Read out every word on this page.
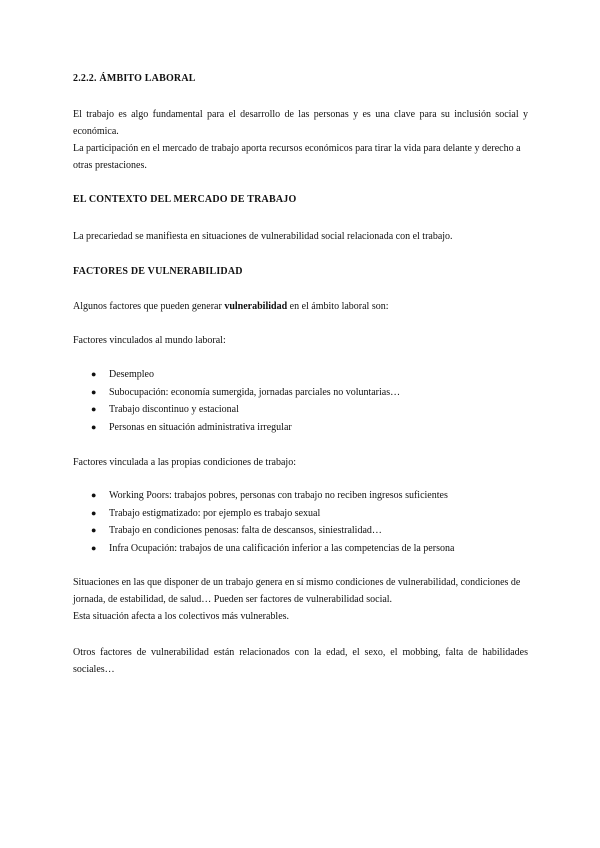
2.2.2. ÁMBITO LABORAL

El trabajo es algo fundamental para el desarrollo de las personas y es una clave para su inclusión social y económica.

La participación en el mercado de trabajo aporta recursos económicos para tirar la vida para delante y derecho a otras prestaciones.

EL CONTEXTO DEL MERCADO DE TRABAJO

La precariedad se manifiesta en situaciones de vulnerabilidad social relacionada con el trabajo.

FACTORES DE VULNERABILIDAD

Algunos factores que pueden generar vulnerabilidad en el ámbito laboral son:

Factores vinculados al mundo laboral:

● Desempleo
● Subocupación: economía sumergida, jornadas parciales no voluntarias…
● Trabajo discontinuo y estacional
● Personas en situación administrativa irregular

Factores vinculada a las propias condiciones de trabajo:

● Working Poors: trabajos pobres, personas con trabajo no reciben ingresos suficientes
● Trabajo estigmatizado: por ejemplo es trabajo sexual
● Trabajo en condiciones penosas: falta de descansos, siniestralidad…
● Infra Ocupación: trabajos de una calificación inferior a las competencias de la persona

Situaciones en las que disponer de un trabajo genera en sí mismo condiciones de vulnerabilidad, condiciones de jornada, de estabilidad, de salud… Pueden ser factores de vulnerabilidad social.

Esta situación afecta a los colectivos más vulnerables.

Otros factores de vulnerabilidad están relacionados con la edad, el sexo, el mobbing, falta de habilidades sociales…
